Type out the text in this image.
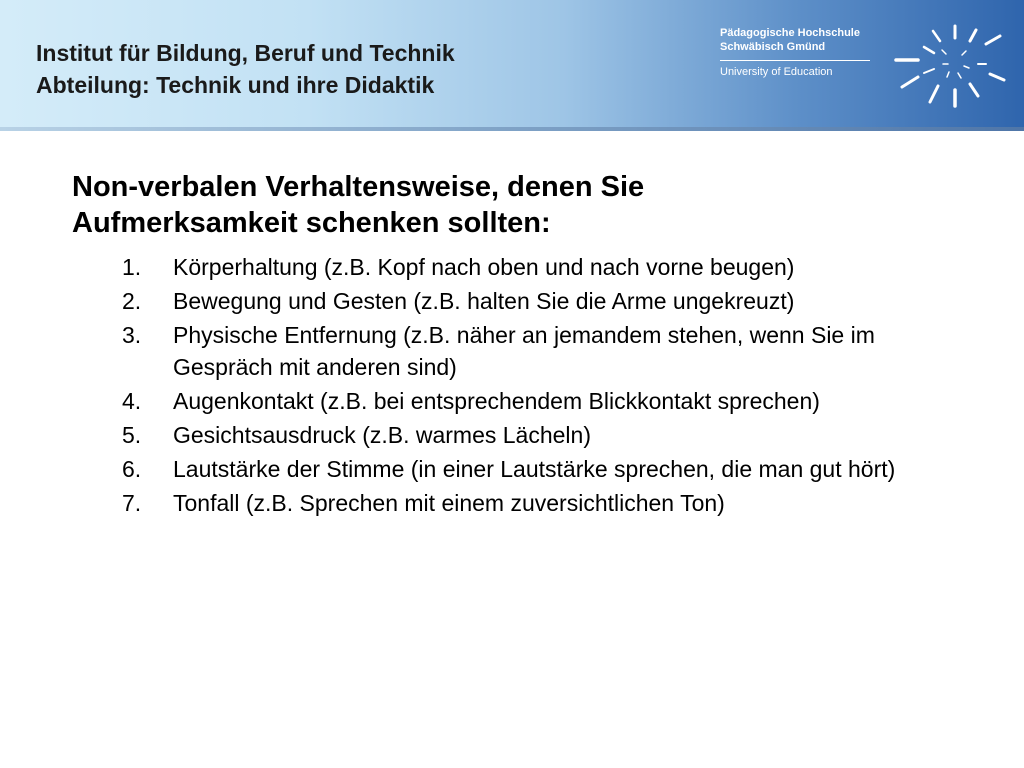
Institut für Bildung, Beruf und Technik
Abteilung: Technik und ihre Didaktik
Pädagogische Hochschule
Schwäbisch Gmünd
University of Education
Non-verbalen Verhaltensweise, denen Sie
Aufmerksamkeit schenken sollten:
1. Körperhaltung (z.B. Kopf nach oben und nach vorne beugen)
2. Bewegung und Gesten (z.B. halten Sie die Arme ungekreuzt)
3. Physische Entfernung (z.B. näher an jemandem stehen, wenn Sie im Gespräch mit anderen sind)
4. Augenkontakt (z.B. bei entsprechendem Blickkontakt sprechen)
5. Gesichtsausdruck (z.B. warmes Lächeln)
6. Lautstärke der Stimme (in einer Lautstärke sprechen, die man gut hört)
7. Tonfall (z.B. Sprechen mit einem zuversichtlichen Ton)
